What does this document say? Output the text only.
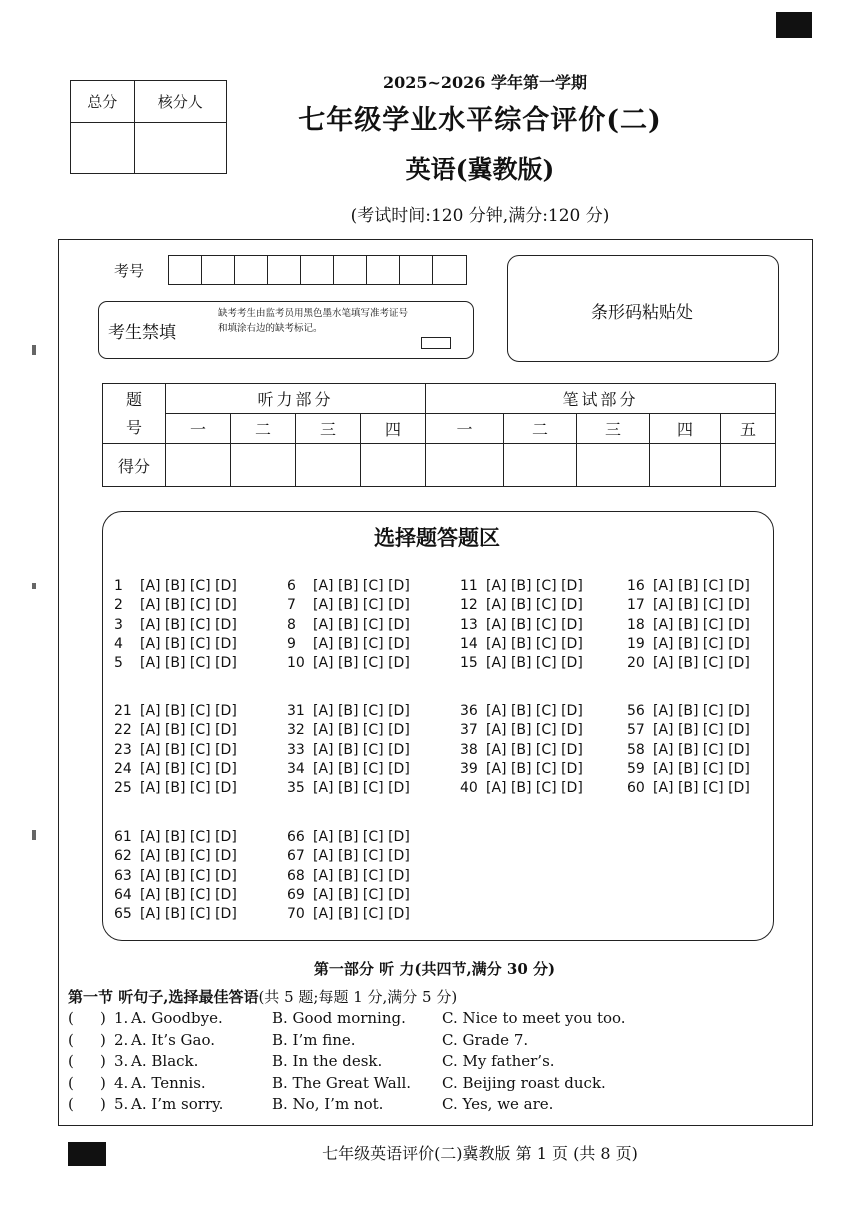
总分	核分人

2025~2026 学年第一学期
七年级学业水平综合评价(二)
英语(冀教版)
(考试时间:120 分钟,满分:120 分)
考号
考生禁填
缺考考生由监考员用黑色墨水笔填写准考证号和填涂右边的缺考标记。
条形码粘贴处
题
号	听力部分				笔试部分				
	一	二	三	四	一	二	三	四	五
得分									
选择题答题区
1 [A] [B] [C] [D]
2 [A] [B] [C] [D]
3 [A] [B] [C] [D]
4 [A] [B] [C] [D]
5 [A] [B] [C] [D]
6 [A] [B] [C] [D]
7 [A] [B] [C] [D]
8 [A] [B] [C] [D]
9 [A] [B] [C] [D]
10 [A] [B] [C] [D]
11 [A] [B] [C] [D]
12 [A] [B] [C] [D]
13 [A] [B] [C] [D]
14 [A] [B] [C] [D]
15 [A] [B] [C] [D]
16 [A] [B] [C] [D]
17 [A] [B] [C] [D]
18 [A] [B] [C] [D]
19 [A] [B] [C] [D]
20 [A] [B] [C] [D]
21 [A] [B] [C] [D]
22 [A] [B] [C] [D]
23 [A] [B] [C] [D]
24 [A] [B] [C] [D]
25 [A] [B] [C] [D]
31 [A] [B] [C] [D]
32 [A] [B] [C] [D]
33 [A] [B] [C] [D]
34 [A] [B] [C] [D]
35 [A] [B] [C] [D]
36 [A] [B] [C] [D]
37 [A] [B] [C] [D]
38 [A] [B] [C] [D]
39 [A] [B] [C] [D]
40 [A] [B] [C] [D]
56 [A] [B] [C] [D]
57 [A] [B] [C] [D]
58 [A] [B] [C] [D]
59 [A] [B] [C] [D]
60 [A] [B] [C] [D]
61 [A] [B] [C] [D]
62 [A] [B] [C] [D]
63 [A] [B] [C] [D]
64 [A] [B] [C] [D]
65 [A] [B] [C] [D]
66 [A] [B] [C] [D]
67 [A] [B] [C] [D]
68 [A] [B] [C] [D]
69 [A] [B] [C] [D]
70 [A] [B] [C] [D]
第一部分 听 力(共四节,满分 30 分)
第一节 听句子,选择最佳答语(共 5 题;每题 1 分,满分 5 分)
( ) 1. A. Goodbye.	B. Good morning. C. Nice to meet you too.
( ) 2. A. It’s Gao.	B. I’m fine.	C. Grade 7.
( ) 3. A. Black.	B. In the desk.	C. My father’s.
( ) 4. A. Tennis.	B. The Great Wall. C. Beijing roast duck.
( ) 5. A. I’m sorry.	B. No, I’m not.	C. Yes, we are.
七年级英语评价(二)冀教版 第 1 页 (共 8 页)
